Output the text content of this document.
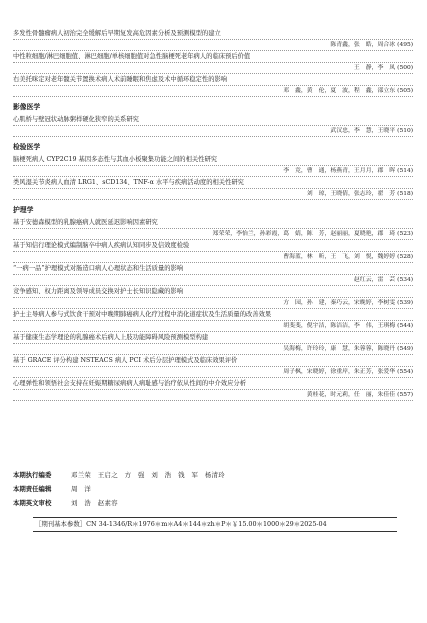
多发性骨髓瘤病人初治完全缓解后早期复发高危因素分析及预测模型的建立
陈青鑫，张　皓，周合冰 (495)
中性粒细胞/淋巴细胞值、淋巴细胞/单核细胞值对急性脑梗死老年病人的临床预后价值
王　静，李　凤 (500)
右美托咪定对老年髋关节置换术病人术前睡眠和焦虑及术中循环稳定性的影响
邓　鑫，黄　伦，夏　波，程　鑫，邵立东 (505)
影像医学
心肌桥与壁冠状动脉粥样硬化狭窄的关系研究
武汉忠，李　慧，王晓平 (510)
检验医学
脑梗死病人 CYP2C19 基因多态性与其血小板聚集功能之间的相关性研究
李　竞，曹　通，杨燕青，王月月，郡　晖 (514)
类风湿关节炎病人血清 LRG1、sCD134、TNF-α 水平与疾病活动度的相关性研究
刘　琼，王晓倩，张志玲，翟　芳 (518)
护理学
基于安德森模型的乳腺癌病人就医延迟影响因素研究
郑荣荣，李怡兰，孙彩霞，葛　婧，陈　芳，赵丽丽，夏晓艳，郡　琦 (523)
基于知信行理论模式编制脑卒中病人疾病认知同步及信效度检验
曹海蓝，林　昕，王　飞，刘　悦，魏婷婷 (528)
“一病一品”护理模式对肠造口病人心理状态和生活质量的影响
赵红云，雷　芸 (534)
竞争感知、权力距离及领导成员交换对护士长知识隐藏的影响
方　园，孙　建，秦巧云，宋晚婷，李树雯 (539)
护士主导病人参与式饮食干预对中晚期肺癌病人化疗过程中消化道症状及生活质量的改善效果
胡斐斐，倪宇洁，陈洁洁，李　伟，王琪梅 (544)
基于健康生态学理论的乳腺癌术后病人上肢功能障碍风险预测模型构建
吴海梅，许玲玲，康　慧，朱蓉蓉，陈晓丹 (549)
基于 GRACE 评分构建 NSTEACS 病人 PCI 术后分层护理模式及临床效果评价
周子枫，宋晓婷，徐重岸，朱正芳，张爱华 (554)
心理弹性和领悟社会支持在妊娠期糖尿病病人病耻感与治疗依从性间的中介效应分析
黄桂花，时元莉，任　丽，朱佳佳 (557)
本期执行编委	邓兰荣　王启之　方　强　刘　浩　钱　军　杨清玲
本期责任编辑	周　洋
本期英文审校	刘　浩　赵素容
［期刊基本参数］CN 34-1346/R＊1976＊m＊A4＊144＊zh＊P＊￥15.00＊1000＊29＊2025-04
